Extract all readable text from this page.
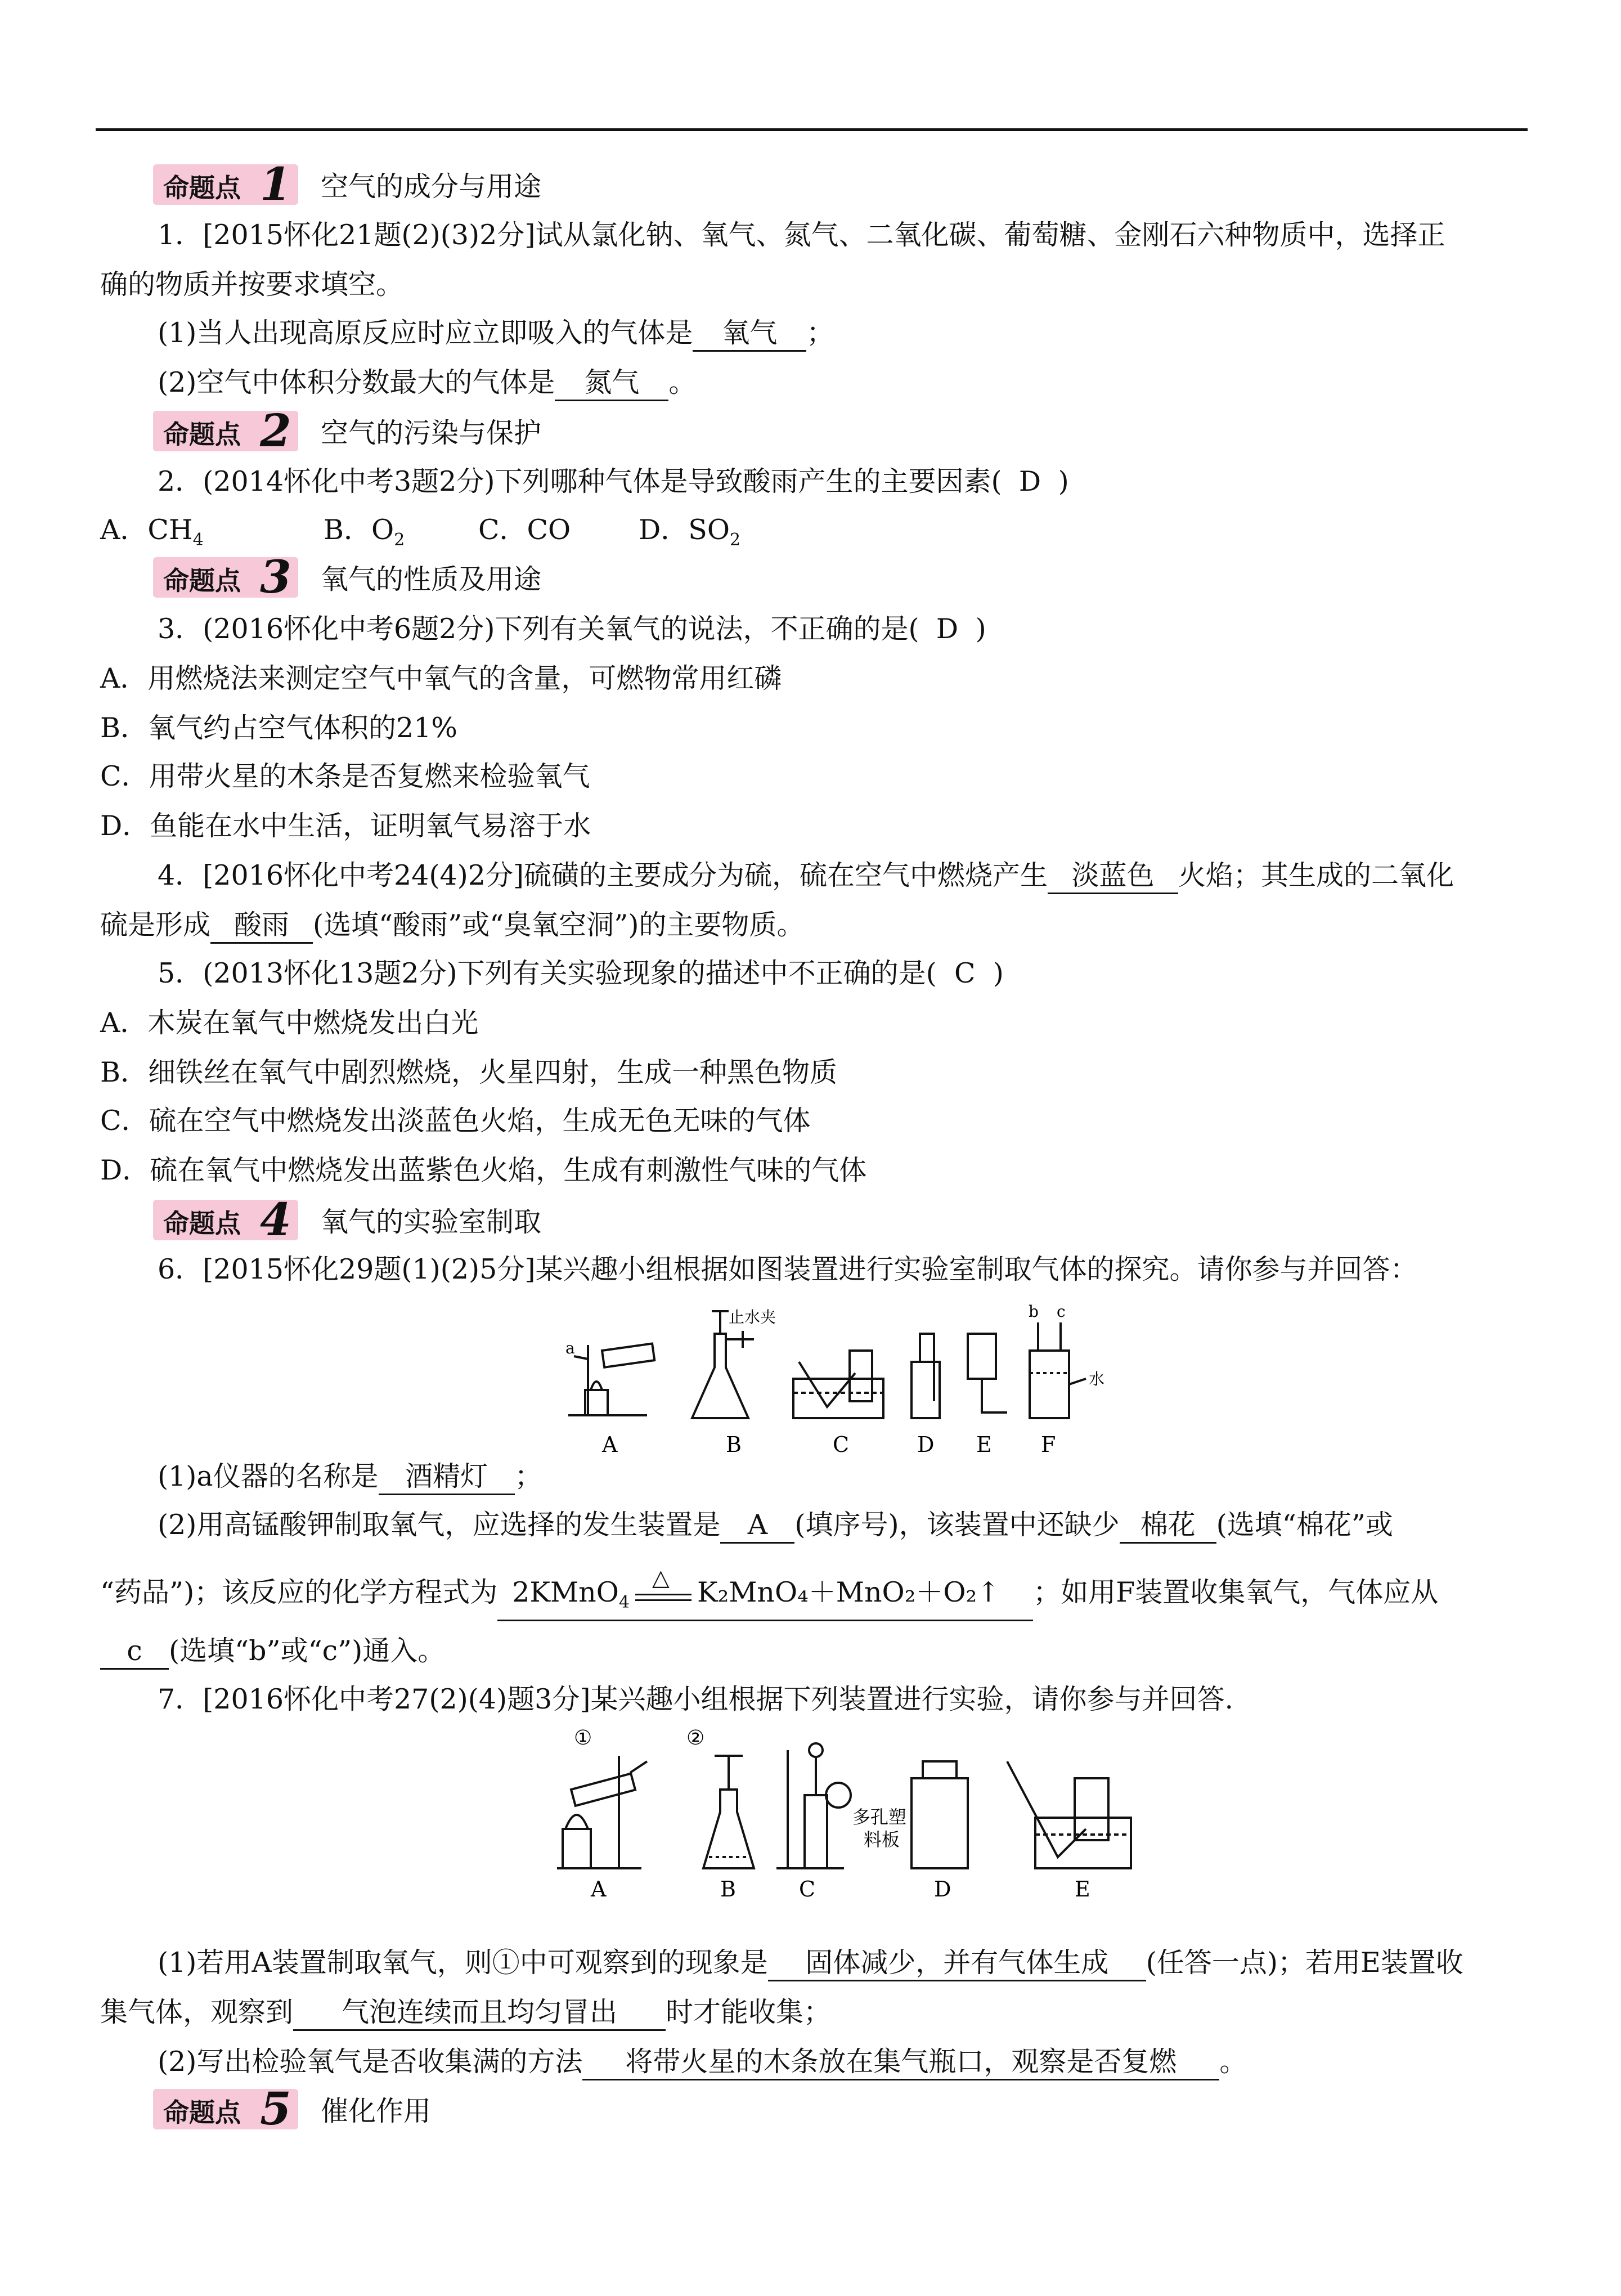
命题点 1 空气的成分与用途
1．[2015怀化21题(2)(3)2分]试从氯化钠、氧气、氮气、二氧化碳、葡萄糖、金刚石六种物质中，选择正
确的物质并按要求填空。
(1)当人出现高原反应时应立即吸入的气体是 氧气 ；
(2)空气中体积分数最大的气体是 氮气 。
命题点 2 空气的污染与保护
2．(2014怀化中考3题2分)下列哪种气体是导致酸雨产生的主要因素( D )
A．$CH_4$	B．$O_2$	C．CO D．$SO_2$
命题点 3 氧气的性质及用途
3．(2016怀化中考6题2分)下列有关氧气的说法，不正确的是( D )
A．用燃烧法来测定空气中氧气的含量，可燃物常用红磷
B．氧气约占空气体积的21%
C．用带火星的木条是否复燃来检验氧气
D．鱼能在水中生活，证明氧气易溶于水
4．[2016怀化中考24(4)2分]硫磺的主要成分为硫，硫在空气中燃烧产生 淡蓝色 火焰；其生成的二氧化
硫是形成 酸雨 (选填“酸雨”或“臭氧空洞”)的主要物质。
5．(2013怀化13题2分)下列有关实验现象的描述中不正确的是( C )
A．木炭在氧气中燃烧发出白光
B．细铁丝在氧气中剧烈燃烧，火星四射，生成一种黑色物质
C．硫在空气中燃烧发出淡蓝色火焰，生成无色无味的气体
D．硫在氧气中燃烧发出蓝紫色火焰，生成有刺激性气味的气体
命题点 4 氧气的实验室制取
6．[2015怀化29题(1)(2)5分]某兴趣小组根据如图装置进行实验室制取气体的探究。请你参与并回答：
a
止水夹	b c
水
A	B	C	D E F
(1)a仪器的名称是 酒精灯 ；
(2)用高锰酸钾制取氧气，应选择的发生装置是 A (填序号)，该装置中还缺少 棉花 (选填“棉花”或
“药品”)；该反应的化学方程式为 2KMnO$_4$
△ K₂MnO₄＋MnO₂＋O₂↑ ；如用F装置收集氧气，气体应从
c (选填“b”或“c”)通入。
7．[2016怀化中考27(2)(4)题3分]某兴趣小组根据下列装置进行实验，请你参与并回答.
①	②
多孔塑
料板
A	B	C	D	E
(1)若用A装置制取氧气，则①中可观察到的现象是 固体减少，并有气体生成 (任答一点)；若用E装置收
集气体，观察到 气泡连续而且均匀冒出 时才能收集；
(2)写出检验氧气是否收集满的方法 将带火星的木条放在集气瓶口，观察是否复燃 。
命题点 5 催化作用
